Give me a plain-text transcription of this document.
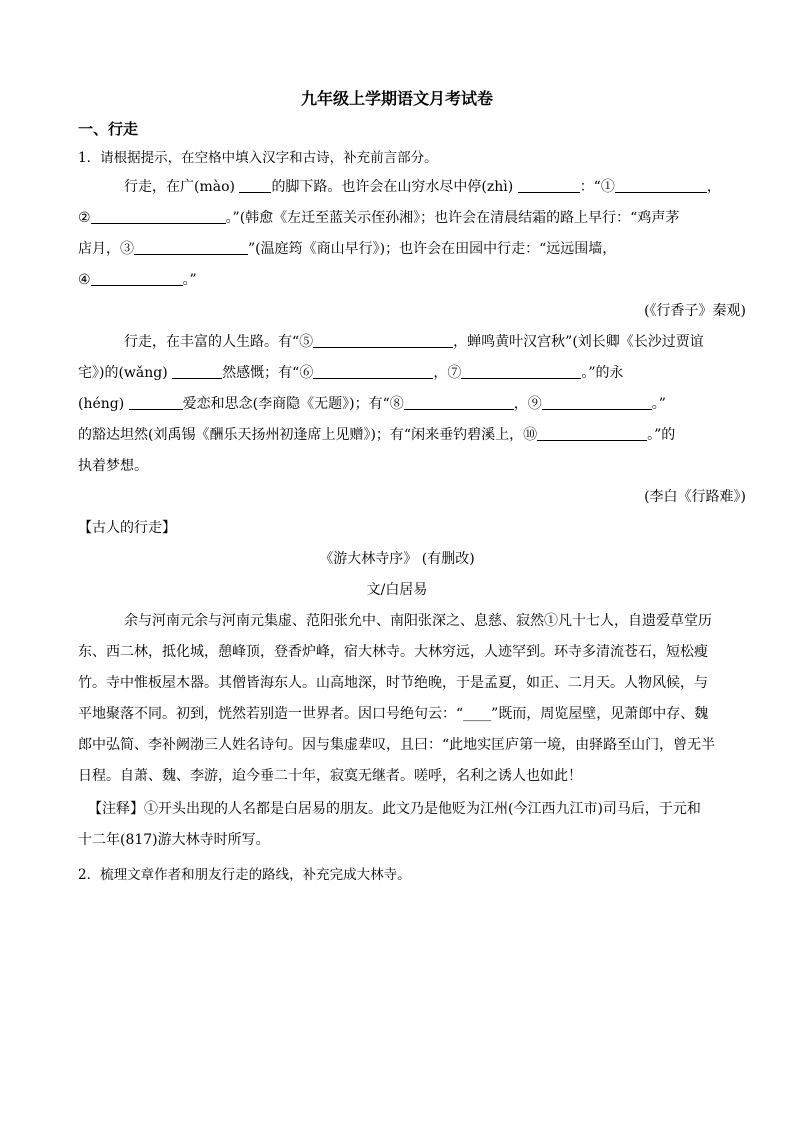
九年级上学期语文月考试卷
一、行走
1．请根据提示，在空格中填入汉字和古诗，补充前言部分。
行走，在广(mào) 的脚下路。也许会在山穷水尽中停(zhì)	：“①	，
②	。”(韩愈《左迁至蓝关示侄孙湘》；也许会在清晨结霜的路上早行：“鸡声茅
店月，③	”(温庭筠《商山早行》)；也许会在田园中行走：“远远围墙，
④	。”
(《行香子》秦观)
行走，在丰富的人生路。有“⑤	，蝉鸣黄叶汉宫秋”(刘长卿《长沙过贾谊
宅》)的(wǎng)	然感慨；有“⑥	，⑦	。”的永
(héng)	爱恋和思念(李商隐《无题》)；有“⑧	，⑨	。”
的豁达坦然(刘禹锡《酬乐天扬州初逢席上见赠》)；有“闲来垂钓碧溪上，⑩	。”的
执着梦想。
(李白《行路难》)
【古人的行走】
《游大林寺序》 (有删改)
文/白居易
余与河南元余与河南元集虚、范阳张允中、南阳张深之、息慈、寂然①凡十七人，自遗爱草堂历
东、西二林，抵化城，憩峰顶，登香炉峰，宿大林寺。大林穷远，人迹罕到。环寺多清流苍石，短松瘦
竹。寺中惟板屋木器。其僧皆海东人。山高地深，时节绝晚，于是孟夏，如正、二月天。人物风候，与
平地聚落不同。初到，恍然若别造一世界者。因口号绝句云：“____”既而，周览屋壁，见萧郎中存、魏
郎中弘简、李补阙渤三人姓名诗句。因与集虚辈叹，且曰：“此地实匡庐第一境，由驿路至山门，曾无半
日程。自萧、魏、李游，迨今垂二十年，寂寞无继者。嗟呼，名利之诱人也如此！
【注释】①开头出现的人名都是白居易的朋友。此文乃是他贬为江州(今江西九江市)司马后，于元和
十二年(817)游大林寺时所写。
2．梳理文章作者和朋友行走的路线，补充完成大林寺。
